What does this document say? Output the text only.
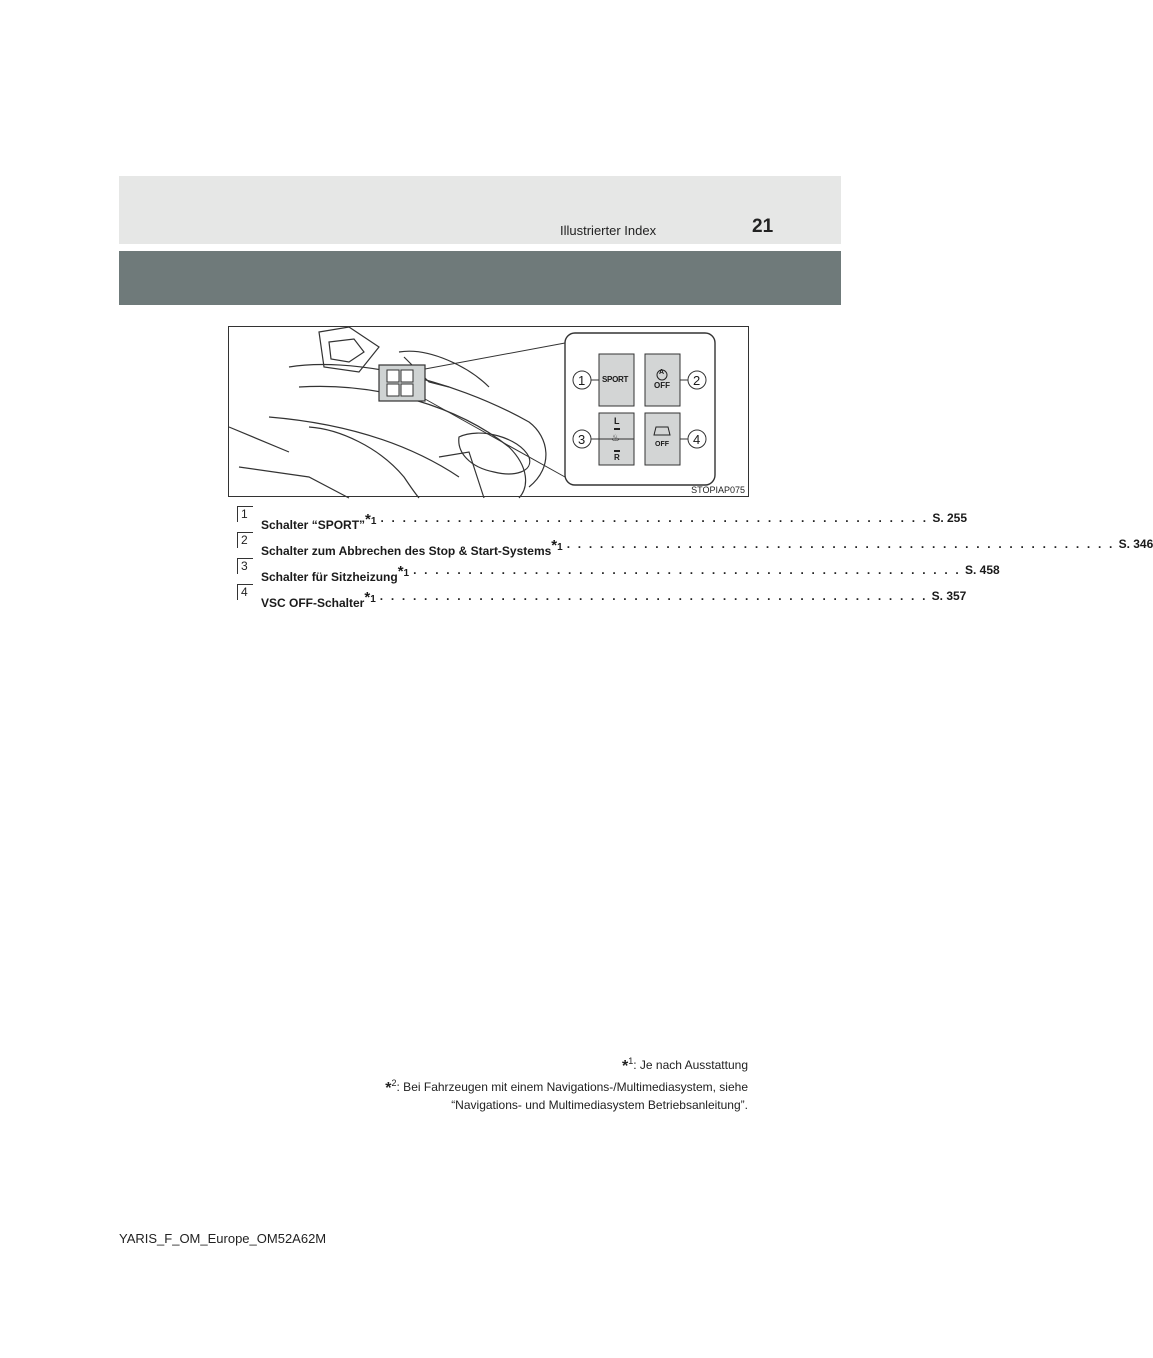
Illustrierter Index	21
1	2
3	4
SPORT
A
OFF
L
♨
R
OFF
STOPIAP075
1
Schalter “SPORT”$^{*1}$ . . . . . . . . . . . . . . . . . . . . . . . . . . . . . . . . . . . . . . . . . . . . . . . . . . S. 255
2
Schalter zum Abbrechen des Stop & Start-Systems$^{*1}$ . . . . . . . . . . . . . . . . . . . . . . . . . . . . . . . . . . . . . . . . . . . . . . . . . . S. 346
3
Schalter für Sitzheizung$^{*1}$ . . . . . . . . . . . . . . . . . . . . . . . . . . . . . . . . . . . . . . . . . . . . . . . . . . S. 458
4
VSC OFF-Schalter$^{*1}$ . . . . . . . . . . . . . . . . . . . . . . . . . . . . . . . . . . . . . . . . . . . . . . . . . . S. 357
*$^1$: Je nach Ausstattung
*$^2$: Bei Fahrzeugen mit einem Navigations-/Multimediasystem, siehe
“Navigations- und Multimediasystem Betriebsanleitung”.
YARIS_F_OM_Europe_OM52A62M
